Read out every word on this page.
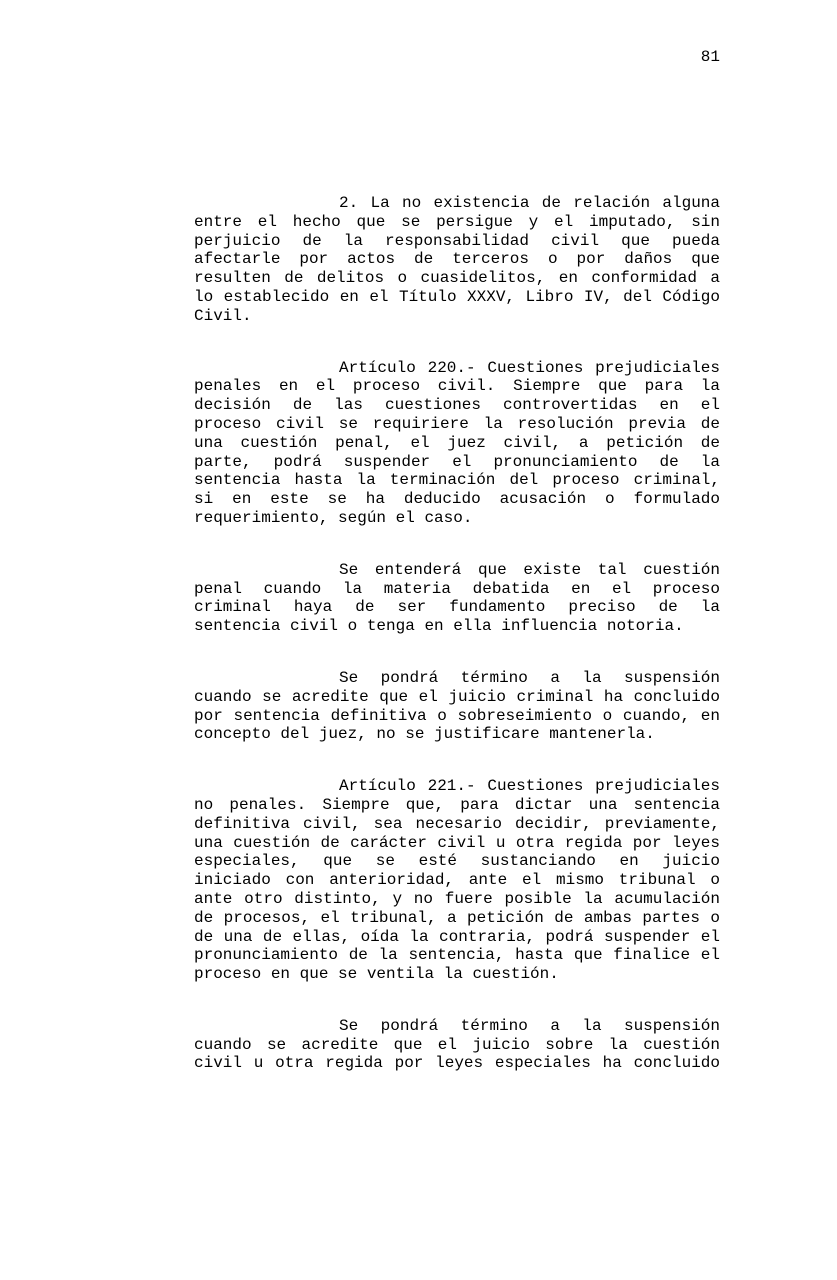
81

2. La no existencia de relación alguna entre el hecho que se persigue y el imputado, sin perjuicio de la responsabilidad civil que pueda afectarle por actos de terceros o por daños que resulten de delitos o cuasidelitos, en conformidad a lo establecido en el Título XXXV, Libro IV, del Código Civil.

Artículo 220.- Cuestiones prejudiciales penales en el proceso civil. Siempre que para la decisión de las cuestiones controvertidas en el proceso civil se requiriere la resolución previa de una cuestión penal, el juez civil, a petición de parte, podrá suspender el pronunciamiento de la sentencia hasta la terminación del proceso criminal, si en este se ha deducido acusación o formulado requerimiento, según el caso.

Se entenderá que existe tal cuestión penal cuando la materia debatida en el proceso criminal haya de ser fundamento preciso de la sentencia civil o tenga en ella influencia notoria.

Se pondrá término a la suspensión cuando se acredite que el juicio criminal ha concluido por sentencia definitiva o sobreseimiento o cuando, en concepto del juez, no se justificare mantenerla.

Artículo 221.- Cuestiones prejudiciales no penales. Siempre que, para dictar una sentencia definitiva civil, sea necesario decidir, previamente, una cuestión de carácter civil u otra regida por leyes especiales, que se esté sustanciando en juicio iniciado con anterioridad, ante el mismo tribunal o ante otro distinto, y no fuere posible la acumulación de procesos, el tribunal, a petición de ambas partes o de una de ellas, oída la contraria, podrá suspender el pronunciamiento de la sentencia, hasta que finalice el proceso en que se ventila la cuestión.

Se pondrá término a la suspensión cuando se acredite que el juicio sobre la cuestión civil u otra regida por leyes especiales ha concluido
